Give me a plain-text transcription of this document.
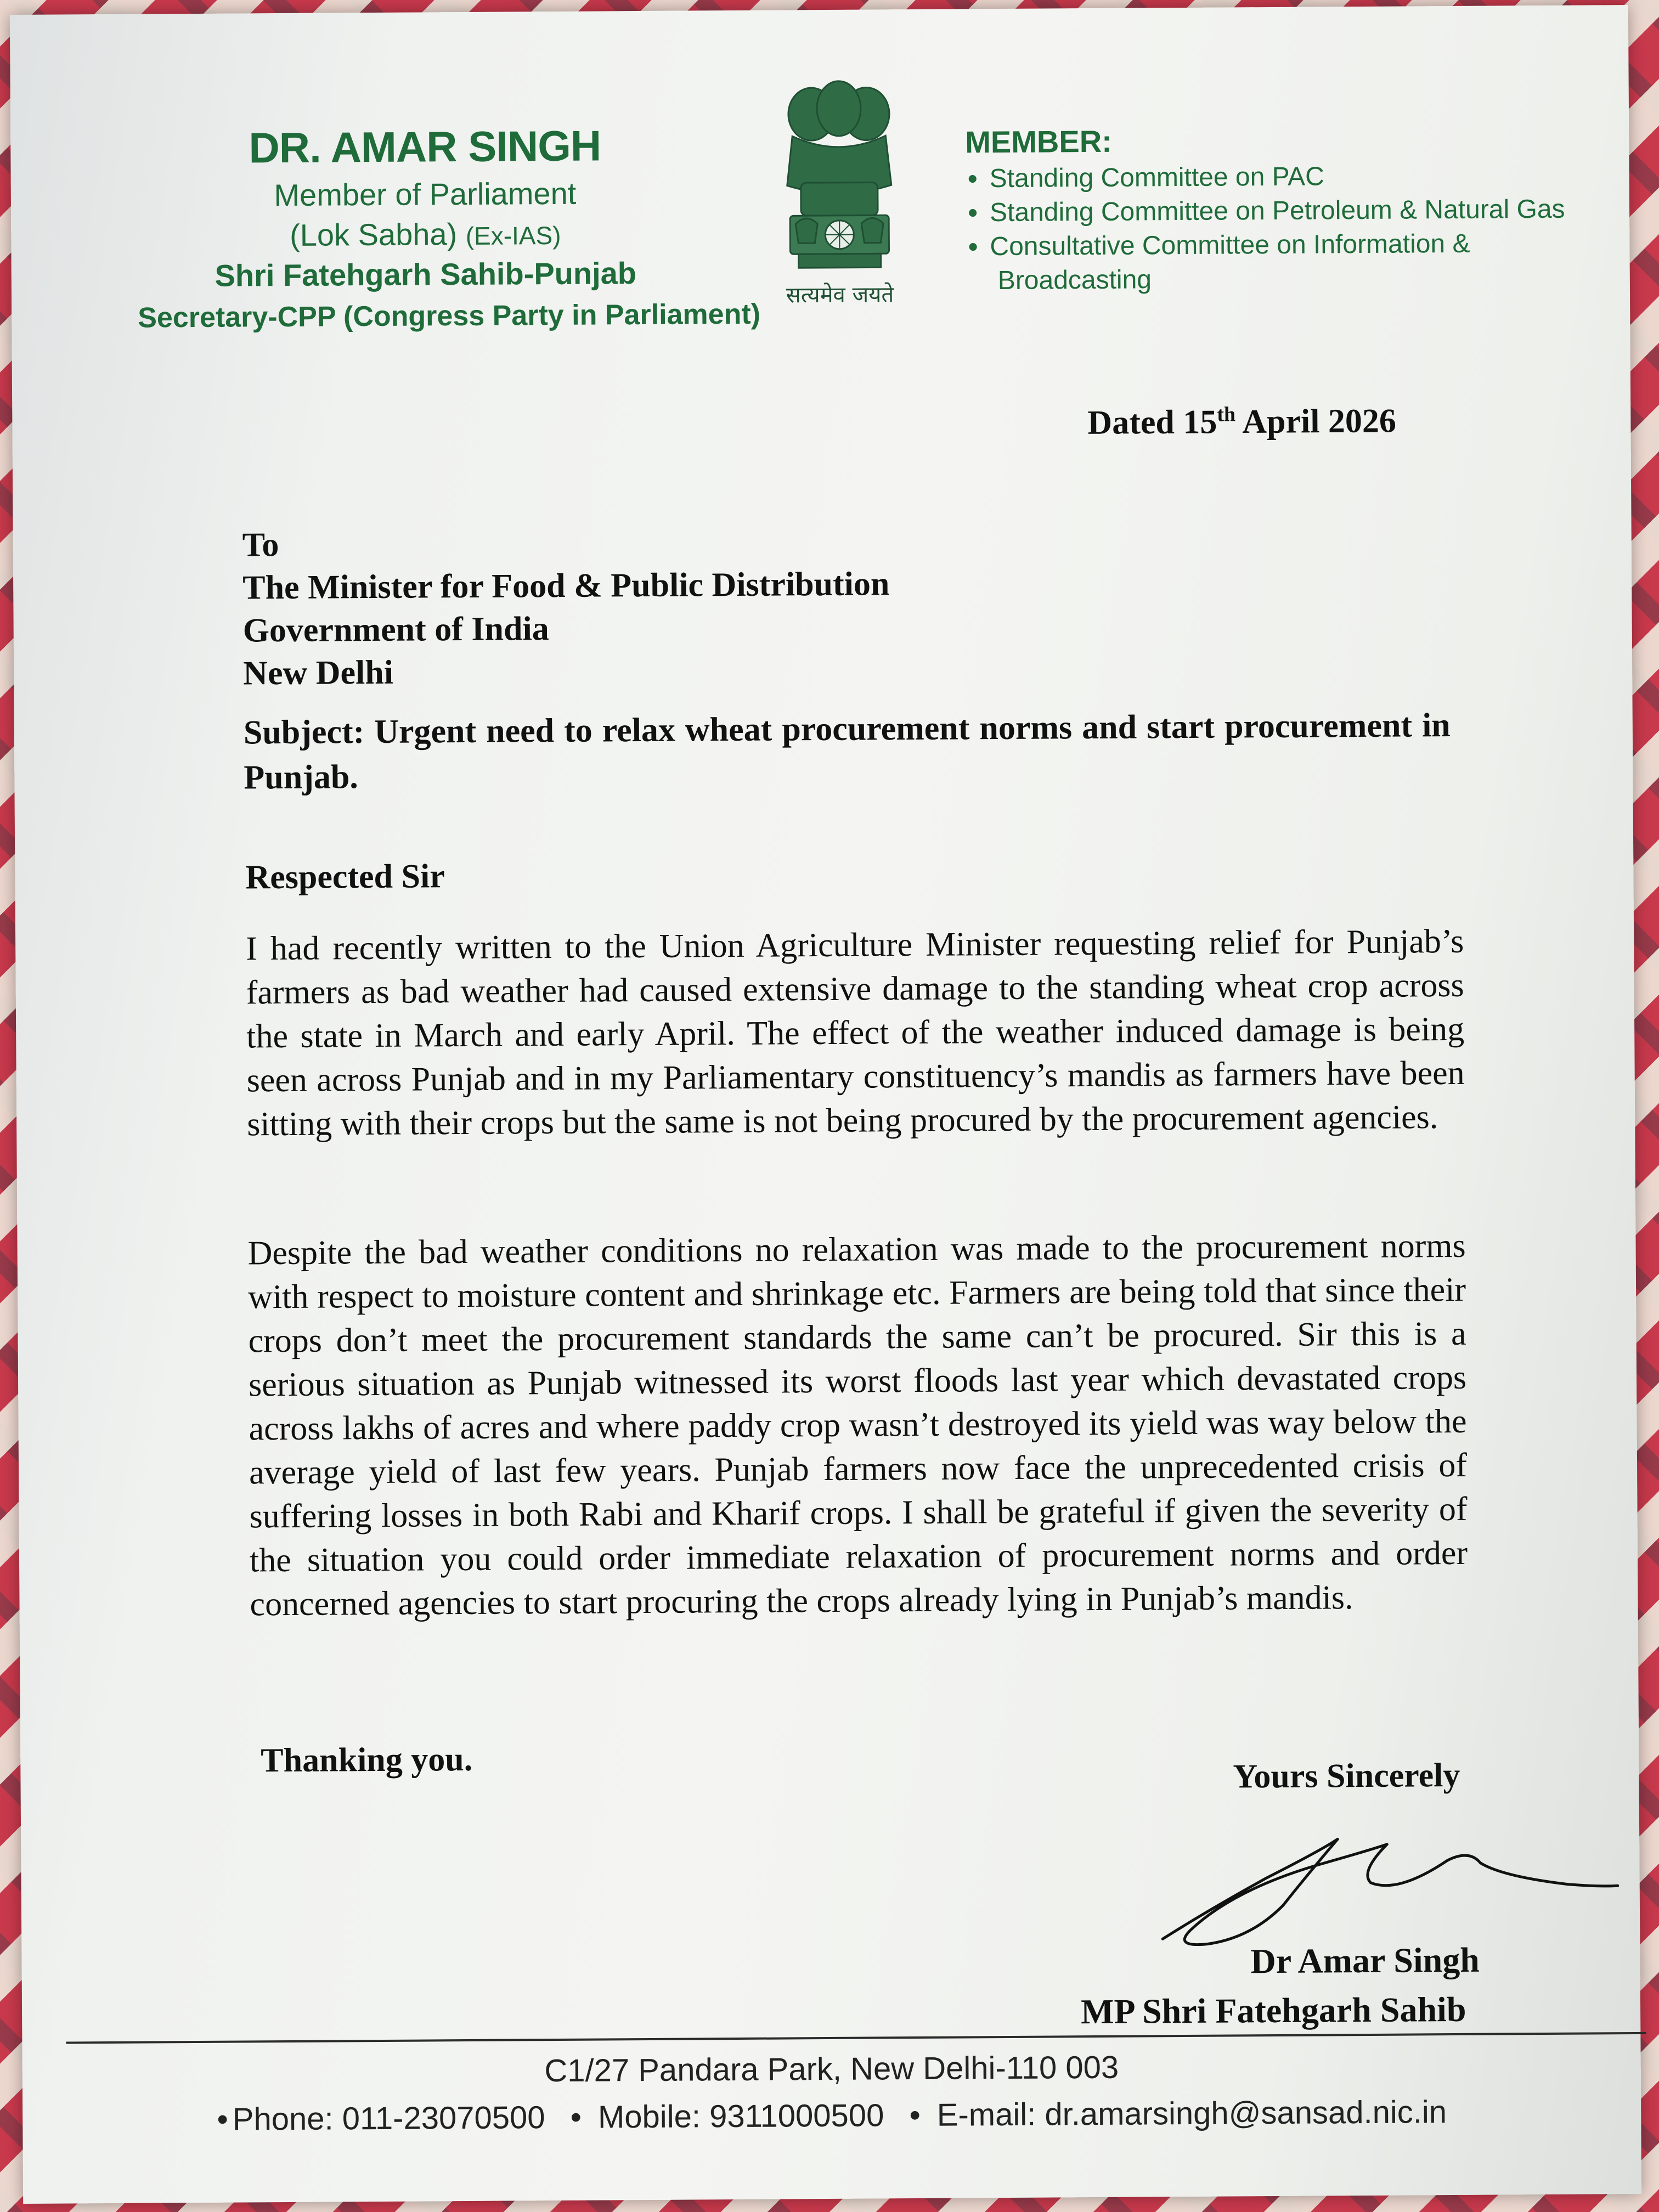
DR. AMAR SINGH
Member of Parliament
(Lok Sabha) (Ex-IAS)
Shri Fatehgarh Sahib-Punjab
Secretary-CPP (Congress Party in Parliament)
सत्यमेव जयते
MEMBER:
• Standing Committee on PAC
• Standing Committee on Petroleum & Natural Gas
• Consultative Committee on Information &
Broadcasting
Dated 15th April 2026
To
The Minister for Food & Public Distribution
Government of India
New Delhi
Subject: Urgent need to relax wheat procurement norms and start procurement in Punjab.
Respected Sir
I had recently written to the Union Agriculture Minister requesting relief for Punjab’s farmers as bad weather had caused extensive damage to the standing wheat crop across the state in March and early April. The effect of the weather induced damage is being seen across Punjab and in my Parliamentary constituency’s mandis as farmers have been sitting with their crops but the same is not being procured by the procurement agencies.
Despite the bad weather conditions no relaxation was made to the procurement norms with respect to moisture content and shrinkage etc. Farmers are being told that since their crops don’t meet the procurement standards the same can’t be procured. Sir this is a serious situation as Punjab witnessed its worst floods last year which devastated crops across lakhs of acres and where paddy crop wasn’t destroyed its yield was way below the average yield of last few years. Punjab farmers now face the unprecedented crisis of suffering losses in both Rabi and Kharif crops. I shall be grateful if given the severity of the situation you could order immediate relaxation of procurement norms and order concerned agencies to start procuring the crops already lying in Punjab’s mandis.
Thanking you.	Yours Sincerely
Dr Amar Singh
MP Shri Fatehgarh Sahib
C1/27 Pandara Park, New Delhi-110 003
• Phone: 011-23070500 • Mobile: 9311000500 • E-mail: dr.amarsingh@sansad.nic.in
